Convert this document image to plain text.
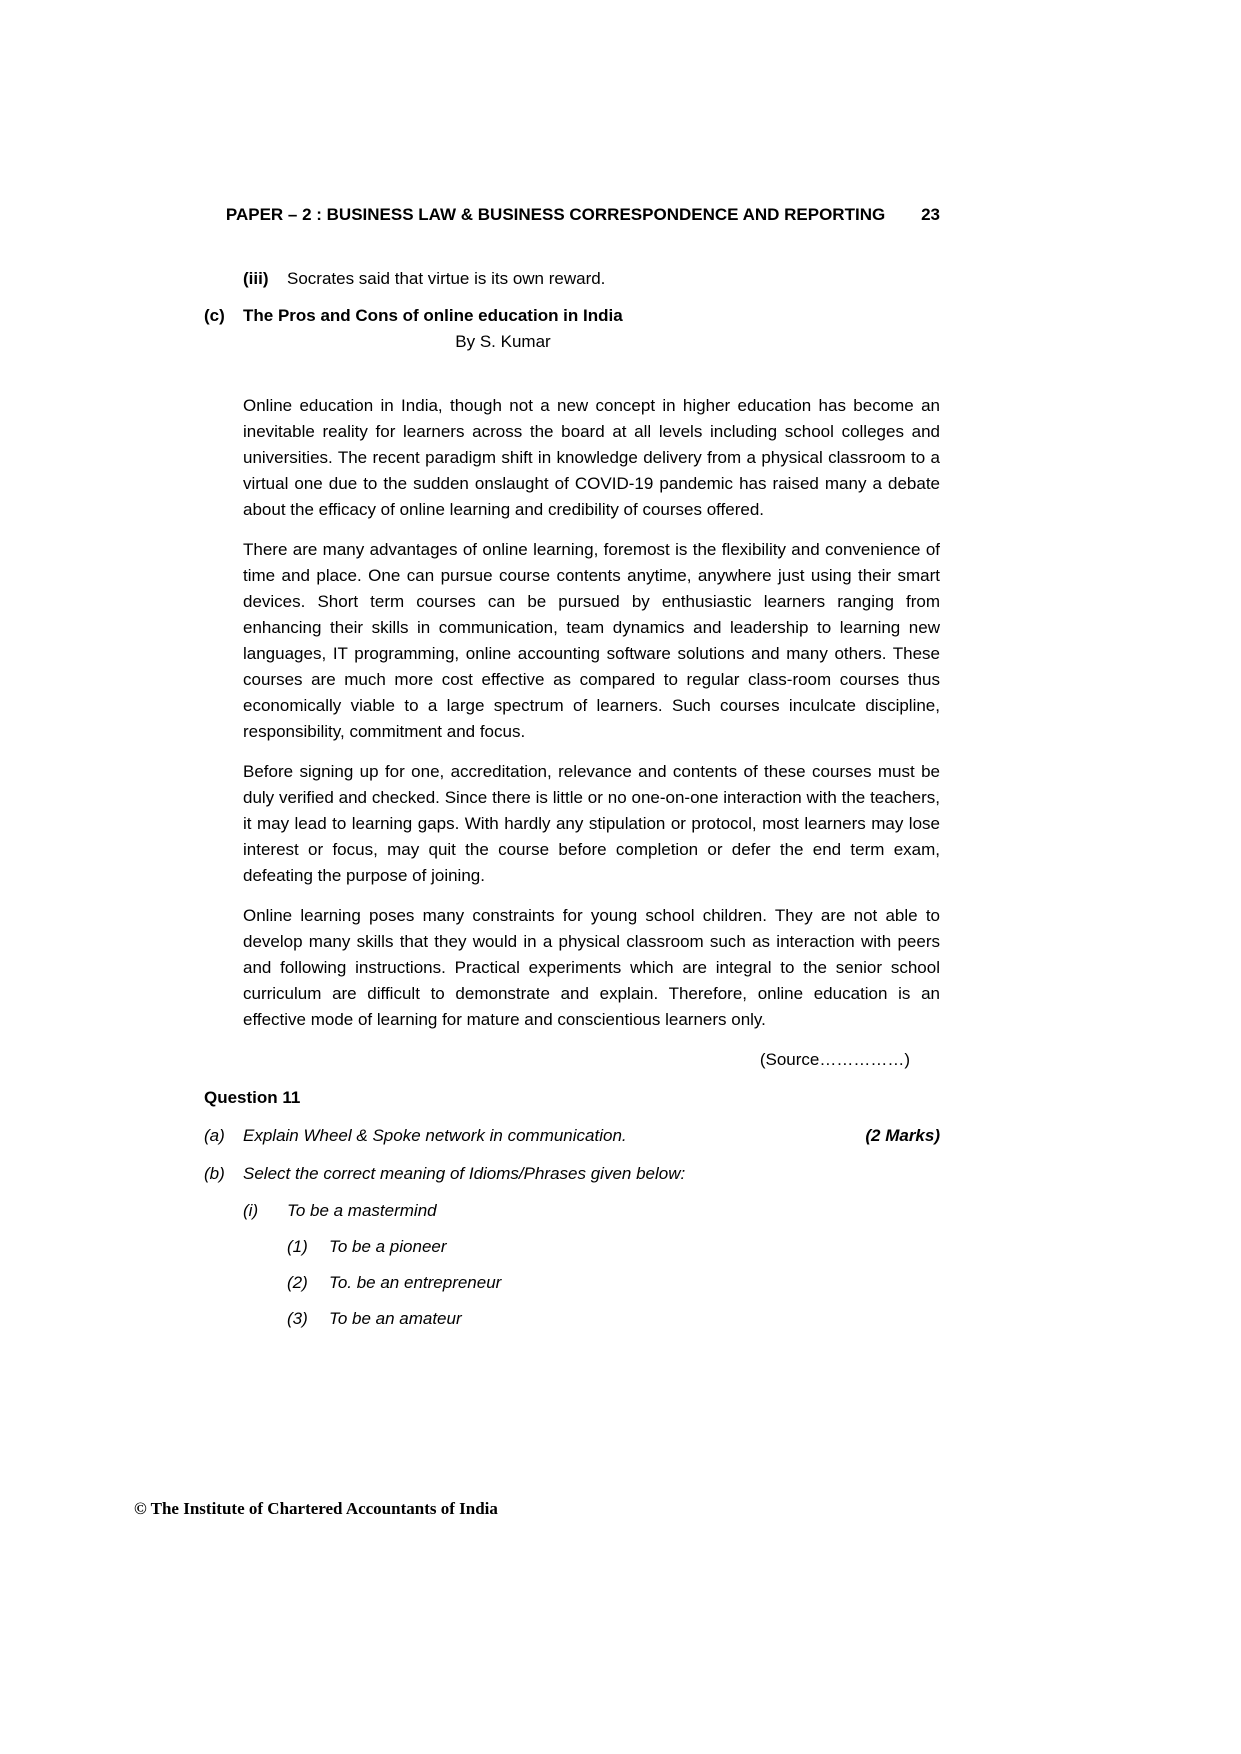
PAPER – 2 : BUSINESS LAW & BUSINESS CORRESPONDENCE AND REPORTING	23
(iii)	Socrates said that virtue is its own reward.
(c)	The Pros and Cons of online education in India
By S. Kumar

Online education in India, though not a new concept in higher education has become an inevitable reality for learners across the board at all levels including school colleges and universities. The recent paradigm shift in knowledge delivery from a physical classroom to a virtual one due to the sudden onslaught of COVID-19 pandemic has raised many a debate about the efficacy of online learning and credibility of courses offered.

There are many advantages of online learning, foremost is the flexibility and convenience of time and place. One can pursue course contents anytime, anywhere just using their smart devices. Short term courses can be pursued by enthusiastic learners ranging from enhancing their skills in communication, team dynamics and leadership to learning new languages, IT programming, online accounting software solutions and many others. These courses are much more cost effective as compared to regular class-room courses thus economically viable to a large spectrum of learners. Such courses inculcate discipline, responsibility, commitment and focus.

Before signing up for one, accreditation, relevance and contents of these courses must be duly verified and checked. Since there is little or no one-on-one interaction with the teachers, it may lead to learning gaps. With hardly any stipulation or protocol, most learners may lose interest or focus, may quit the course before completion or defer the end term exam, defeating the purpose of joining.

Online learning poses many constraints for young school children. They are not able to develop many skills that they would in a physical classroom such as interaction with peers and following instructions. Practical experiments which are integral to the senior school curriculum are difficult to demonstrate and explain. Therefore, online education is an effective mode of learning for mature and conscientious learners only.

(Source……………)
Question 11
(a)	Explain Wheel & Spoke network in communication.	(2 Marks)
(b)	Select the correct meaning of Idioms/Phrases given below:
(i)	To be a mastermind
(1)	To be a pioneer
(2)	To. be an entrepreneur
(3)	To be an amateur
© The Institute of Chartered Accountants of India
